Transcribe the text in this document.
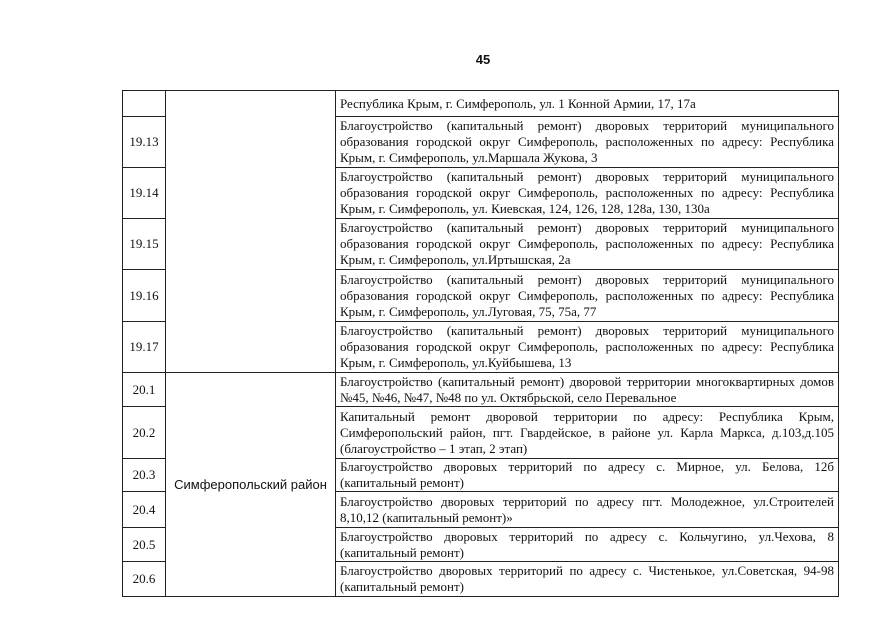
45
		Республика Крым, г. Симферополь, ул. 1 Конной Армии, 17, 17а
19.13		Благоустройство (капитальный ремонт) дворовых территорий муниципального образования городской округ Симферополь, расположенных по адресу: Республика Крым, г. Симферополь, ул.Маршала Жукова, 3
19.14		Благоустройство (капитальный ремонт) дворовых территорий муниципального образования городской округ Симферополь, расположенных по адресу: Республика Крым, г. Симферополь, ул. Киевская, 124, 126, 128, 128а, 130, 130а
19.15		Благоустройство (капитальный ремонт) дворовых территорий муниципального образования городской округ Симферополь, расположенных по адресу: Республика Крым, г. Симферополь, ул.Иртышская, 2а
19.16		Благоустройство (капитальный ремонт) дворовых территорий муниципального образования городской округ Симферополь, расположенных по адресу: Республика Крым, г. Симферополь, ул.Луговая, 75, 75а, 77
19.17		Благоустройство (капитальный ремонт) дворовых территорий муниципального образования городской округ Симферополь, расположенных по адресу: Республика Крым, г. Симферополь, ул.Куйбышева, 13
20.1	Симферопольский район	Благоустройство (капитальный ремонт) дворовой территории многоквартирных домов №45, №46, №47, №48 по ул. Октябрьской, село Перевальное
20.2		Капитальный ремонт дворовой территории по адресу: Республика Крым, Симферопольский район, пгт. Гвардейское, в районе ул. Карла Маркса, д.103,д.105 (благоустройство – 1 этап, 2 этап)
20.3		Благоустройство дворовых территорий по адресу с. Мирное, ул. Белова, 12б (капитальный ремонт)
20.4		Благоустройство дворовых территорий по адресу пгт. Молодежное, ул.Строителей 8,10,12 (капитальный ремонт)»
20.5		Благоустройство дворовых территорий по адресу с. Кольчугино, ул.Чехова, 8 (капитальный ремонт)
20.6		Благоустройство дворовых территорий по адресу с. Чистенькое, ул.Советская, 94-98 (капитальный ремонт)
